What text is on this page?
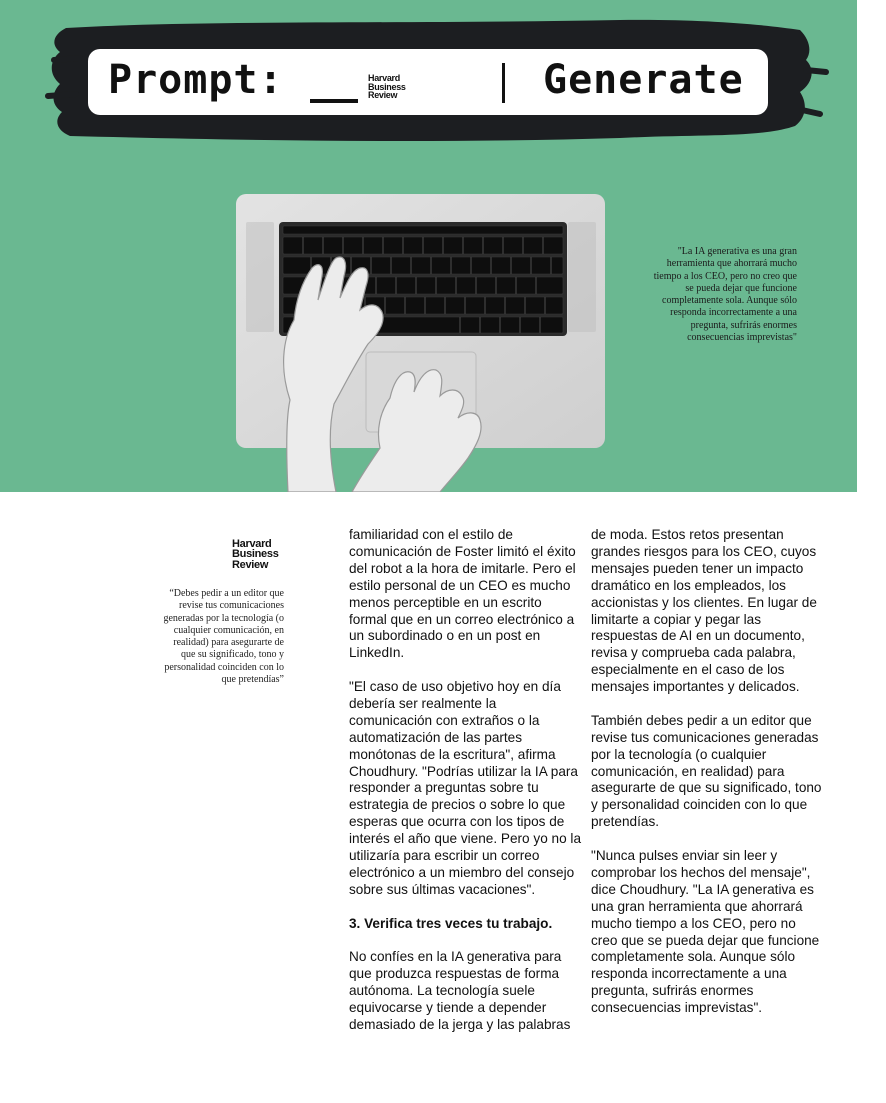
Prompt:	Harvard
Business
Review	Generate
"La IA generativa es una gran herramienta que ahorrará mucho tiempo a los CEO, pero no creo que se pueda dejar que funcione completamente sola. Aunque sólo responda incorrectamente a una pregunta, sufrirás enormes consecuencias imprevistas"
Harvard
Business
Review
“Debes pedir a un editor que revise tus comunicaciones generadas por la tecnología (o cualquier comunicación, en realidad) para asegurarte de que su significado, tono y personalidad coinciden con lo que pretendías”

familiaridad con el estilo de comunicación de Foster limitó el éxito del robot a la hora de imitarle. Pero el estilo personal de un CEO es mucho menos perceptible en un escrito formal que en un correo electrónico a un subordinado o en un post en LinkedIn.

"El caso de uso objetivo hoy en día debería ser realmente la comunicación con extraños o la automatización de las partes monótonas de la escritura", afirma Choudhury. "Podrías utilizar la IA para responder a preguntas sobre tu estrategia de precios o sobre lo que esperas que ocurra con los tipos de interés el año que viene. Pero yo no la utilizaría para escribir un correo electrónico a un miembro del consejo sobre sus últimas vacaciones".

3. Verifica tres veces tu trabajo.

No confíes en la IA generativa para que produzca respuestas de forma autónoma. La tecnología suele equivocarse y tiende a depender demasiado de la jerga y las palabras

de moda. Estos retos presentan grandes riesgos para los CEO, cuyos mensajes pueden tener un impacto dramático en los empleados, los accionistas y los clientes. En lugar de limitarte a copiar y pegar las respuestas de AI en un documento, revisa y comprueba cada palabra, especialmente en el caso de los mensajes importantes y delicados.

También debes pedir a un editor que revise tus comunicaciones generadas por la tecnología (o cualquier comunicación, en realidad) para asegurarte de que su significado, tono y personalidad coinciden con lo que pretendías.

"Nunca pulses enviar sin leer y comprobar los hechos del mensaje", dice Choudhury. "La IA generativa es una gran herramienta que ahorrará mucho tiempo a los CEO, pero no creo que se pueda dejar que funcione completamente sola. Aunque sólo responda incorrectamente a una pregunta, sufrirás enormes consecuencias imprevistas".
